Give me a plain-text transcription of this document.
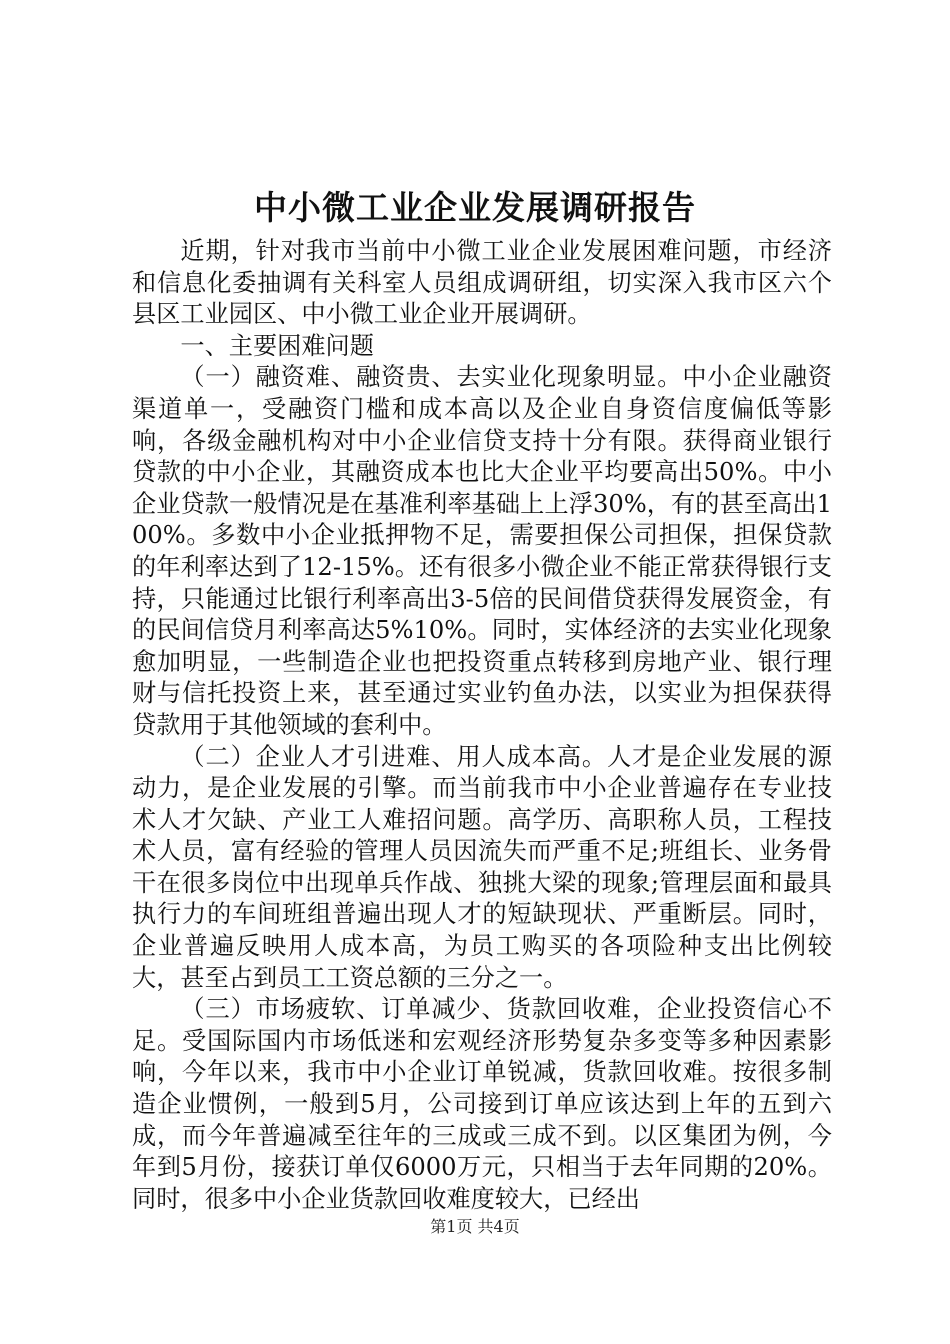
中小微工业企业发展调研报告

近期，针对我市当前中小微工业企业发展困难问题，市经济和信息化委抽调有关科室人员组成调研组，切实深入我市区六个县区工业园区、中小微工业企业开展调研。

一、主要困难问题

（一）融资难、融资贵、去实业化现象明显。中小企业融资渠道单一，受融资门槛和成本高以及企业自身资信度偏低等影响，各级金融机构对中小企业信贷支持十分有限。获得商业银行贷款的中小企业，其融资成本也比大企业平均要高出50%。中小企业贷款一般情况是在基准利率基础上上浮30%，有的甚至高出100%。多数中小企业抵押物不足，需要担保公司担保，担保贷款的年利率达到了12-15%。还有很多小微企业不能正常获得银行支持，只能通过比银行利率高出3-5倍的民间借贷获得发展资金，有的民间信贷月利率高达5%10%。同时，实体经济的去实业化现象愈加明显，一些制造企业也把投资重点转移到房地产业、银行理财与信托投资上来，甚至通过实业钓鱼办法，以实业为担保获得贷款用于其他领域的套利中。

（二）企业人才引进难、用人成本高。人才是企业发展的源动力，是企业发展的引擎。而当前我市中小企业普遍存在专业技术人才欠缺、产业工人难招问题。高学历、高职称人员，工程技术人员，富有经验的管理人员因流失而严重不足;班组长、业务骨干在很多岗位中出现单兵作战、独挑大梁的现象;管理层面和最具执行力的车间班组普遍出现人才的短缺现状、严重断层。同时，企业普遍反映用人成本高，为员工购买的各项险种支出比例较大，甚至占到员工工资总额的三分之一。

（三）市场疲软、订单减少、货款回收难，企业投资信心不足。受国际国内市场低迷和宏观经济形势复杂多变等多种因素影响，今年以来，我市中小企业订单锐减，货款回收难。按很多制造企业惯例，一般到5月，公司接到订单应该达到上年的五到六成，而今年普遍减至往年的三成或三成不到。以区集团为例，今年到5月份，接获订单仅6000万元，只相当于去年同期的20%。同时，很多中小企业货款回收难度较大，已经出

第1页 共4页
